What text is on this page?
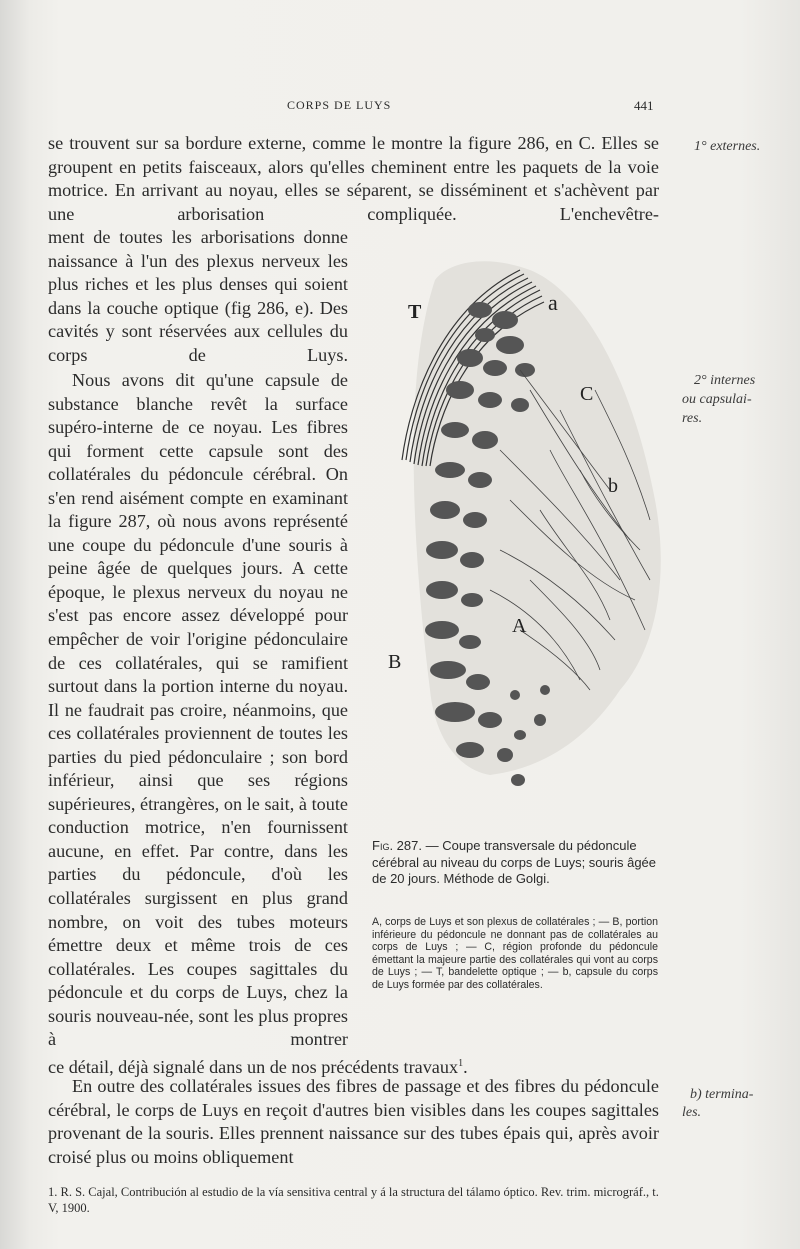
CORPS DE LUYS	441
1° externes.
2° internes
ou capsulai-
res.
b) termina-
les.
se trouvent sur sa bordure externe, comme le montre la figure 286, en C. Elles se groupent en petits faisceaux, alors qu'elles cheminent entre les paquets de la voie motrice. En arrivant au noyau, elles se séparent, se disséminent et s'achèvent par une arborisation compliquée. L'enchevêtre-
ment de toutes les arborisations donne naissance à l'un des plexus nerveux les plus riches et les plus denses qui soient dans la couche optique (fig 286, e). Des cavités y sont réservées aux cellules du corps de Luys.
Nous avons dit qu'une capsule de substance blanche revêt la surface supéro-interne de ce noyau. Les fibres qui forment cette capsule sont des collatérales du pédoncule cérébral. On s'en rend aisément compte en examinant la figure 287, où nous avons représenté une coupe du pédoncule d'une souris à peine âgée de quelques jours. A cette époque, le plexus nerveux du noyau ne s'est pas encore assez développé pour empêcher de voir l'origine pédonculaire de ces collatérales, qui se ramifient surtout dans la portion interne du noyau. Il ne faudrait pas croire, néanmoins, que ces collatérales proviennent de toutes les parties du pied pédonculaire ; son bord inférieur, ainsi que ses régions supérieures, étrangères, on le sait, à toute conduction motrice, n'en fournissent aucune, en effet. Par contre, dans les parties du pédoncule, d'où les collatérales surgissent en plus grand nombre, on voit des tubes moteurs émettre deux et même trois de ces collatérales. Les coupes sagittales du pédoncule et du corps de Luys, chez la souris nouveau-née, sont les plus propres à montrer
ce détail, déjà signalé dans un de nos précédents travaux$^1$.
En outre des collatérales issues des fibres de passage et des fibres du pédoncule cérébral, le corps de Luys en reçoit d'autres bien visibles dans les coupes sagittales provenant de la souris. Elles prennent naissance sur des tubes épais qui, après avoir croisé plus ou moins obliquement
T	a
C
b
A
B
Fig. 287. — Coupe transversale du pédoncule cérébral au niveau du corps de Luys; souris âgée de 20 jours. Méthode de Golgi.
A, corps de Luys et son plexus de collatérales ; — B, portion inférieure du pédoncule ne donnant pas de collatérales au corps de Luys ; — C, région profonde du pédoncule émettant la majeure partie des collatérales qui vont au corps de Luys ; — T, bandelette optique ; — b, capsule du corps de Luys formée par des collatérales.
1. R. S. Cajal, Contribución al estudio de la vía sensitiva central y á la structura del tálamo óptico. Rev. trim. micrográf., t. V, 1900.
